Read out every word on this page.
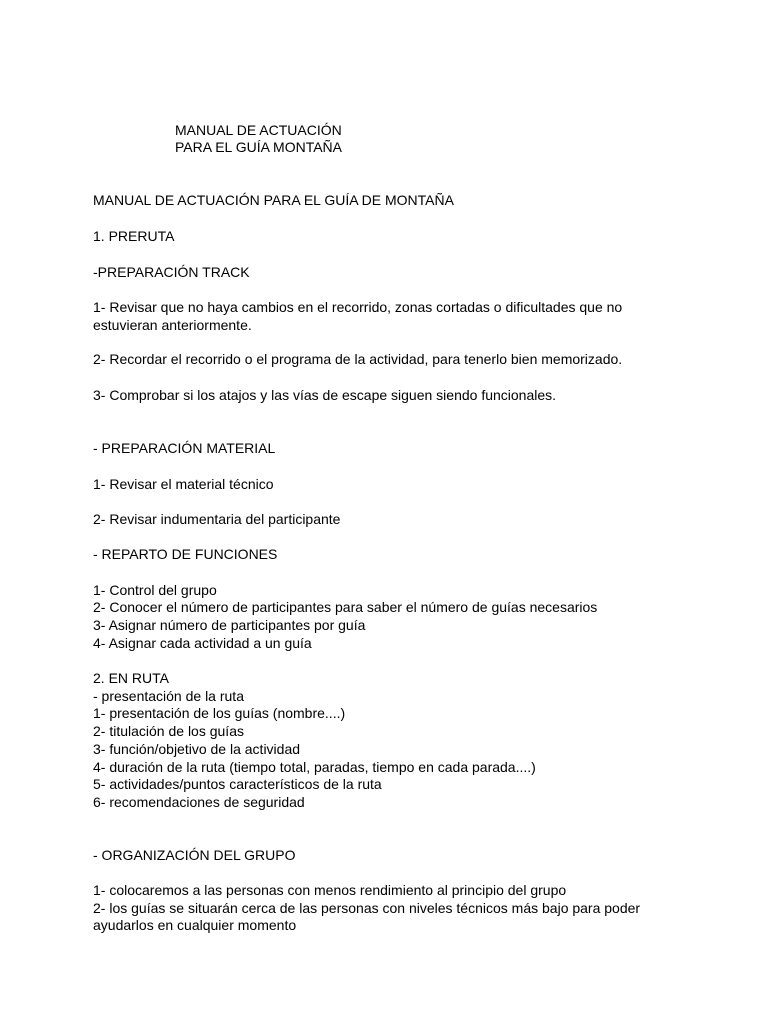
MANUAL DE ACTUACIÓN
PARA EL GUÍA MONTAÑA
MANUAL DE ACTUACIÓN PARA EL GUÍA DE MONTAÑA
1. PRERUTA
-PREPARACIÓN TRACK
1- Revisar que no haya cambios en el recorrido, zonas cortadas o dificultades que no
estuvieran anteriormente.
2- Recordar el recorrido o el programa de la actividad, para tenerlo bien memorizado.
3- Comprobar si los atajos y las vías de escape siguen siendo funcionales.
- PREPARACIÓN MATERIAL
1- Revisar el material técnico
2- Revisar indumentaria del participante
- REPARTO DE FUNCIONES
1- Control del grupo
2- Conocer el número de participantes para saber el número de guías necesarios
3- Asignar número de participantes por guía
4- Asignar cada actividad a un guía
2. EN RUTA
- presentación de la ruta
1- presentación de los guías (nombre....)
2- titulación de los guías
3- función/objetivo de la actividad
4- duración de la ruta (tiempo total, paradas, tiempo en cada parada....)
5- actividades/puntos característicos de la ruta
6- recomendaciones de seguridad
- ORGANIZACIÓN DEL GRUPO
1- colocaremos a las personas con menos rendimiento al principio del grupo
2- los guías se situarán cerca de las personas con niveles técnicos más bajo para poder
ayudarlos en cualquier momento
